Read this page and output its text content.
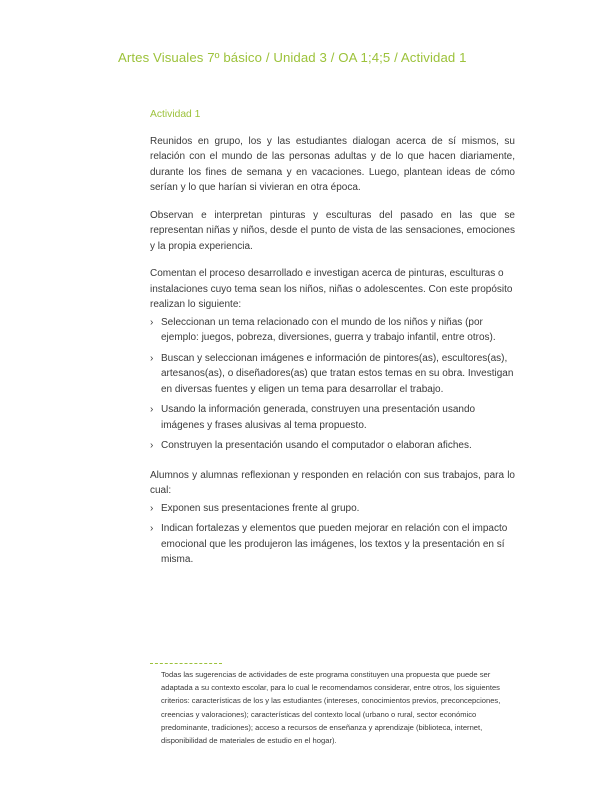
Artes Visuales 7º básico / Unidad 3 / OA 1;4;5 / Actividad 1
Actividad 1

Reunidos en grupo, los y las estudiantes dialogan acerca de sí mismos, su relación con el mundo de las personas adultas y de lo que hacen diariamente, durante los fines de semana y en vacaciones. Luego, plantean ideas de cómo serían y lo que harían si vivieran en otra época.

Observan e interpretan pinturas y esculturas del pasado en las que se representan niñas y niños, desde el punto de vista de las sensaciones, emociones y la propia experiencia.

Comentan el proceso desarrollado e investigan acerca de pinturas, esculturas o instalaciones cuyo tema sean los niños, niñas o adolescentes. Con este propósito realizan lo siguiente:

› Seleccionan un tema relacionado con el mundo de los niños y niñas (por ejemplo: juegos, pobreza, diversiones, guerra y trabajo infantil, entre otros).
› Buscan y seleccionan imágenes e información de pintores(as), escultores(as), artesanos(as), o diseñadores(as) que tratan estos temas en su obra. Investigan en diversas fuentes y eligen un tema para desarrollar el trabajo.
› Usando la información generada, construyen una presentación usando imágenes y frases alusivas al tema propuesto.
› Construyen la presentación usando el computador o elaboran afiches.

Alumnos y alumnas reflexionan y responden en relación con sus trabajos, para lo cual:

› Exponen sus presentaciones frente al grupo.
› Indican fortalezas y elementos que pueden mejorar en relación con el impacto emocional que les produjeron las imágenes, los textos y la presentación en sí misma.
Todas las sugerencias de actividades de este programa constituyen una propuesta que puede ser adaptada a su contexto escolar, para lo cual le recomendamos considerar, entre otros, los siguientes criterios: características de los y las estudiantes (intereses, conocimientos previos, preconcepciones, creencias y valoraciones); características del contexto local (urbano o rural, sector económico predominante, tradiciones); acceso a recursos de enseñanza y aprendizaje (biblioteca, internet, disponibilidad de materiales de estudio en el hogar).
